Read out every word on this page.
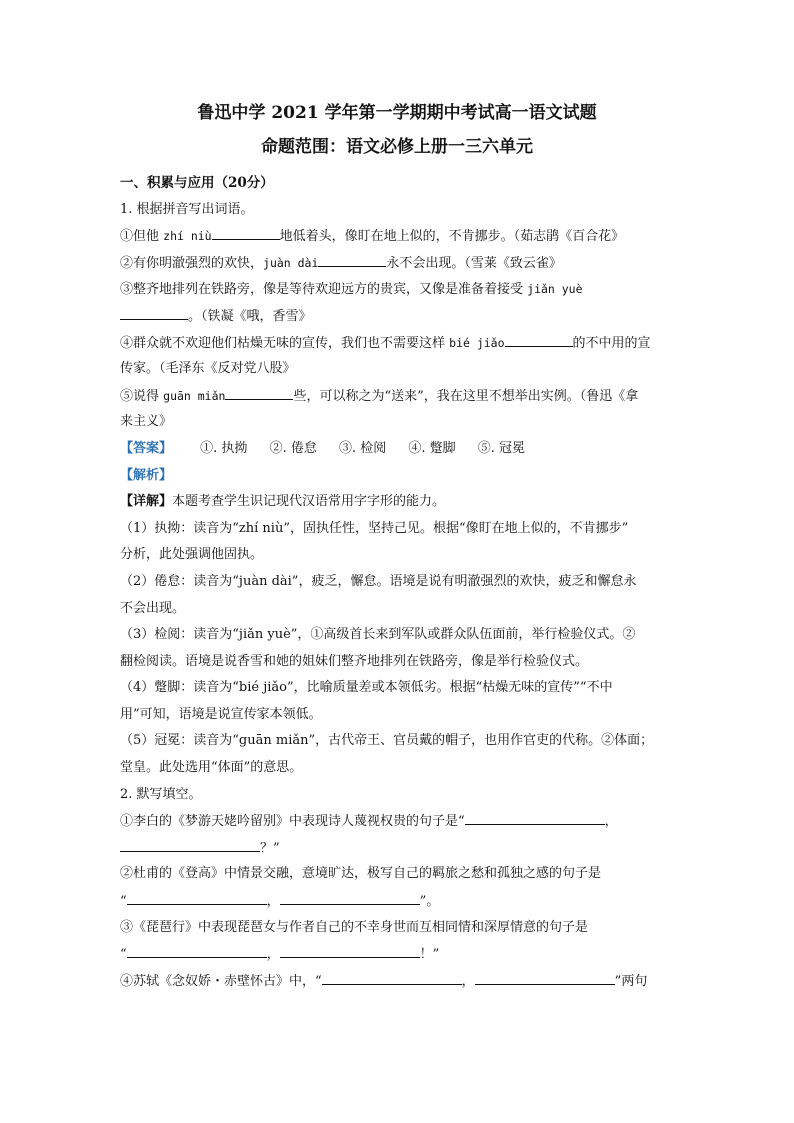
鲁迅中学 2021 学年第一学期期中考试高一语文试题
命题范围：语文必修上册一三六单元
一、积累与应用（20分）
1. 根据拼音写出词语。
①但他 zhí niù	地低着头，像盯在地上似的，不肯挪步。（茹志鹃《百合花》
②有你明澈强烈的欢快，juàn dài	永不会出现。（雪莱《致云雀》
③整齐地排列在铁路旁，像是等待欢迎远方的贵宾，又像是准备着接受 jiǎn yuè
。（铁凝《哦，香雪》
④群众就不欢迎他们枯燥无味的宣传，我们也不需要这样 bié jiǎo	的不中用的宣
传家。（毛泽东《反对党八股》
⑤说得 guān miǎn	些，可以称之为“送来”，我在这里不想举出实例。（鲁迅《拿
来主义》
【答案】 ①. 执拗 ②. 倦怠 ③. 检阅 ④. 蹩脚 ⑤. 冠冕
【解析】
【详解】本题考查学生识记现代汉语常用字字形的能力。
（1）执拗：读音为“zhí niù”，固执任性，坚持己见。根据“像盯在地上似的，不肯挪步”
分析，此处强调他固执。
（2）倦怠：读音为“juàn dài”，疲乏，懈怠。语境是说有明澈强烈的欢快，疲乏和懈怠永
不会出现。
（3）检阅：读音为“jiǎn yuè”，①高级首长来到军队或群众队伍面前，举行检验仪式。②
翻检阅读。语境是说香雪和她的姐妹们整齐地排列在铁路旁，像是举行检验仪式。
（4）蹩脚：读音为“bié jiǎo”，比喻质量差或本领低劣。根据“枯燥无味的宣传”“不中
用”可知，语境是说宣传家本领低。
（5）冠冕：读音为“guān miǎn”，古代帝王、官员戴的帽子，也用作官吏的代称。②体面；
堂皇。此处选用“体面”的意思。
2. 默写填空。
①李白的《梦游天姥吟留别》中表现诗人蔑视权贵的句子是“	，
？”
②杜甫的《登高》中情景交融，意境旷达，极写自己的羁旅之愁和孤独之感的句子是
“	，	”。
③《琵琶行》中表现琵琶女与作者自己的不幸身世而互相同情和深厚情意的句子是
“	，	！”
④苏轼《念奴娇・赤壁怀古》中，“	，	”两句
